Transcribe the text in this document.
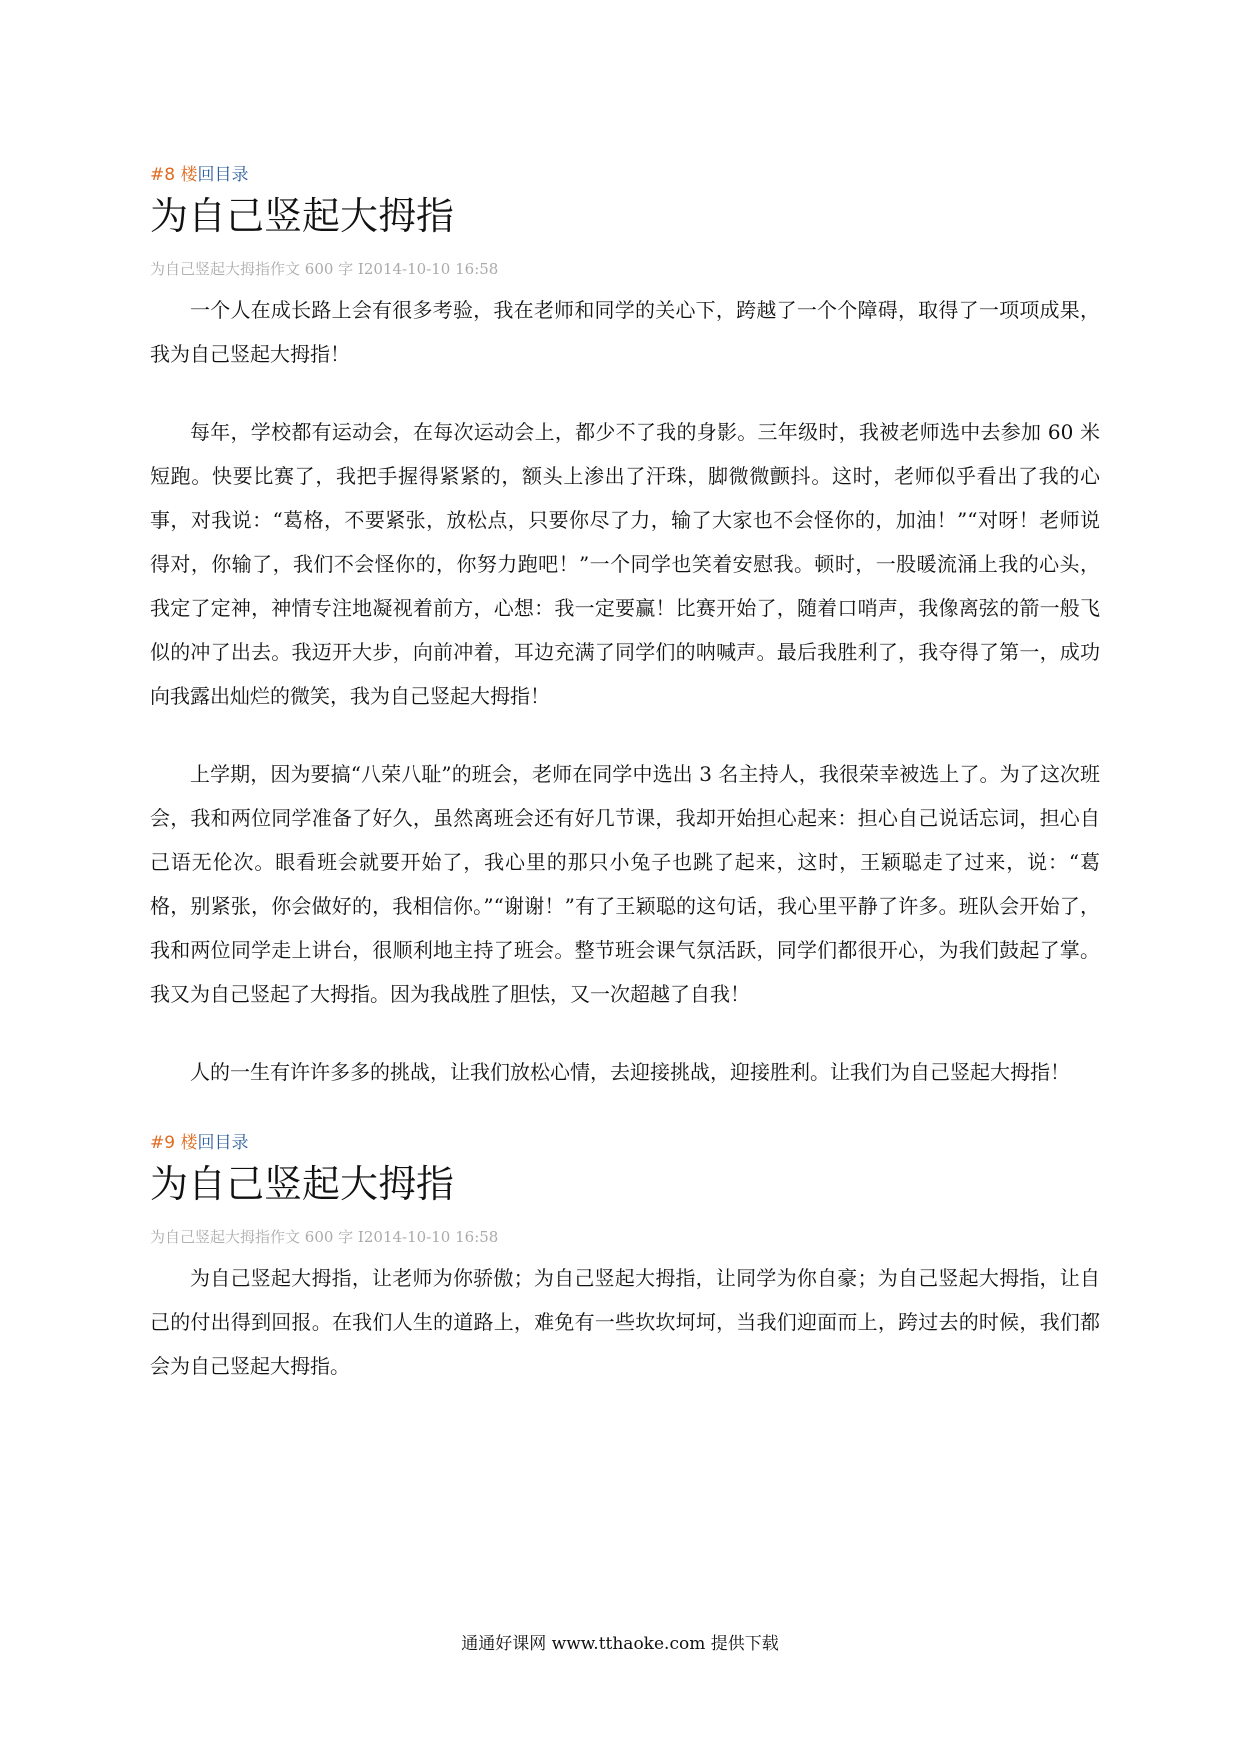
#8 楼回目录
为自己竖起大拇指
为自己竖起大拇指作文 600 字 I2014-10-10 16:58

一个人在成长路上会有很多考验，我在老师和同学的关心下，跨越了一个个障碍，取得了一项项成果，我为自己竖起大拇指！

每年，学校都有运动会，在每次运动会上，都少不了我的身影。三年级时，我被老师选中去参加 60 米短跑。快要比赛了，我把手握得紧紧的，额头上渗出了汗珠，脚微微颤抖。这时，老师似乎看出了我的心事，对我说：“葛格，不要紧张，放松点，只要你尽了力，输了大家也不会怪你的，加油！”“对呀！老师说得对，你输了，我们不会怪你的，你努力跑吧！”一个同学也笑着安慰我。顿时，一股暖流涌上我的心头，我定了定神，神情专注地凝视着前方，心想：我一定要赢！比赛开始了，随着口哨声，我像离弦的箭一般飞似的冲了出去。我迈开大步，向前冲着，耳边充满了同学们的呐喊声。最后我胜利了，我夺得了第一，成功向我露出灿烂的微笑，我为自己竖起大拇指！

上学期，因为要搞“八荣八耻”的班会，老师在同学中选出 3 名主持人，我很荣幸被选上了。为了这次班会，我和两位同学准备了好久，虽然离班会还有好几节课，我却开始担心起来：担心自己说话忘词，担心自己语无伦次。眼看班会就要开始了，我心里的那只小兔子也跳了起来，这时，王颖聪走了过来，说：“葛格，别紧张，你会做好的，我相信你。”“谢谢！”有了王颖聪的这句话，我心里平静了许多。班队会开始了，我和两位同学走上讲台，很顺利地主持了班会。整节班会课气氛活跃，同学们都很开心，为我们鼓起了掌。我又为自己竖起了大拇指。因为我战胜了胆怯，又一次超越了自我！

人的一生有许许多多的挑战，让我们放松心情，去迎接挑战，迎接胜利。让我们为自己竖起大拇指！

#9 楼回目录
为自己竖起大拇指
为自己竖起大拇指作文 600 字 I2014-10-10 16:58

为自己竖起大拇指，让老师为你骄傲；为自己竖起大拇指，让同学为你自豪；为自己竖起大拇指，让自己的付出得到回报。在我们人生的道路上，难免有一些坎坎坷坷，当我们迎面而上，跨过去的时候，我们都会为自己竖起大拇指。

通通好课网 www.tthaoke.com 提供下载
